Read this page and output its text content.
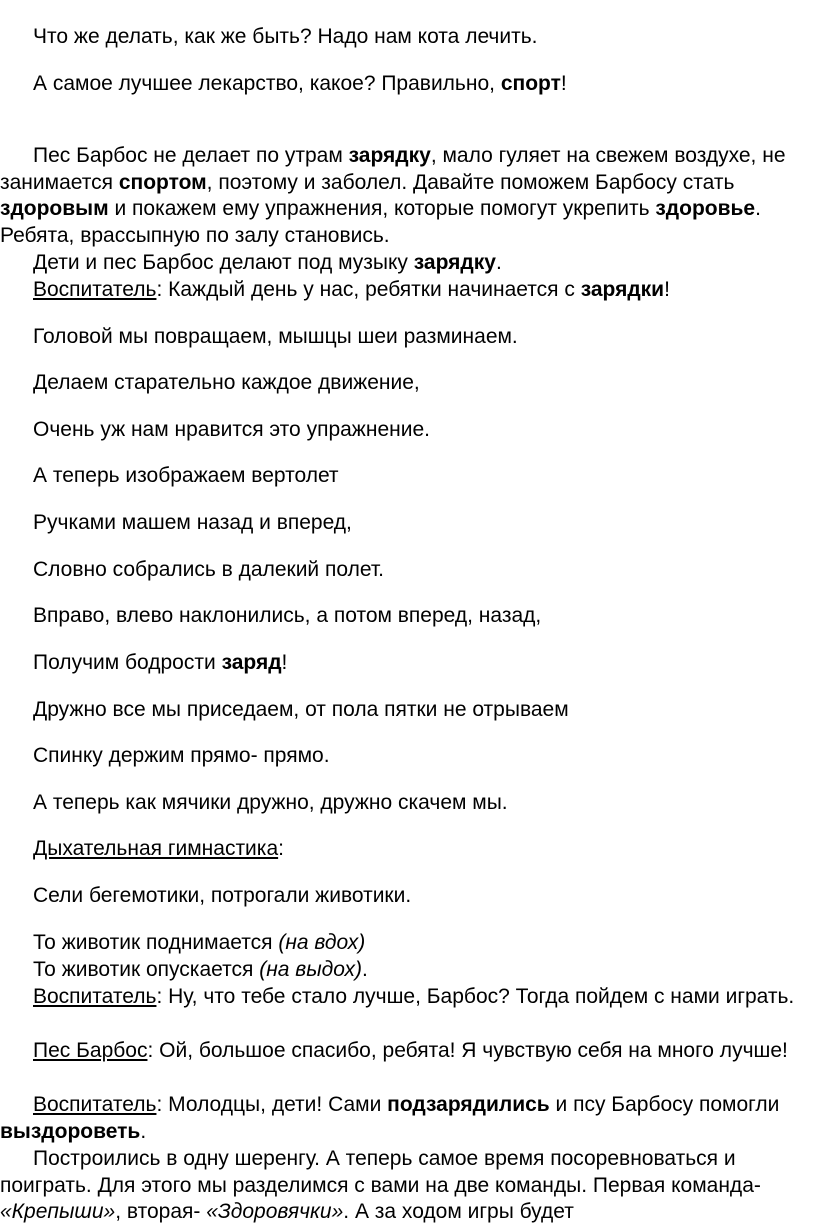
Что же делать, как же быть? Надо нам кота лечить.

А самое лучшее лекарство, какое? Правильно, спорт!

Пес Барбос не делает по утрам зарядку, мало гуляет на свежем воздухе, не занимается спортом, поэтому и заболел. Давайте поможем Барбосу стать здоровым и покажем ему упражнения, которые помогут укрепить здоровье. Ребята, врассыпную по залу становись.

Дети и пес Барбос делают под музыку зарядку.

Воспитатель: Каждый день у нас, ребятки начинается с зарядки!

Головой мы повращаем, мышцы шеи разминаем.

Делаем старательно каждое движение,

Очень уж нам нравится это упражнение.

А теперь изображаем вертолет

Ручками машем назад и вперед,

Словно собрались в далекий полет.

Вправо, влево наклонились, а потом вперед, назад,

Получим бодрости заряд!

Дружно все мы приседаем, от пола пятки не отрываем

Спинку держим прямо- прямо.

А теперь как мячики дружно, дружно скачем мы.

Дыхательная гимнастика:

Сели бегемотики, потрогали животики.

То животик поднимается (на вдох)

То животик опускается (на выдох).

Воспитатель: Ну, что тебе стало лучше, Барбос? Тогда пойдем с нами играть.

Пес Барбос: Ой, большое спасибо, ребята! Я чувствую себя на много лучше!

Воспитатель: Молодцы, дети! Сами подзарядились и псу Барбосу помогли выздороветь.

Построились в одну шеренгу. А теперь самое время посоревноваться и поиграть. Для этого мы разделимся с вами на две команды. Первая команда- «Крепыши», вторая- «Здоровячки». А за ходом игры будет
